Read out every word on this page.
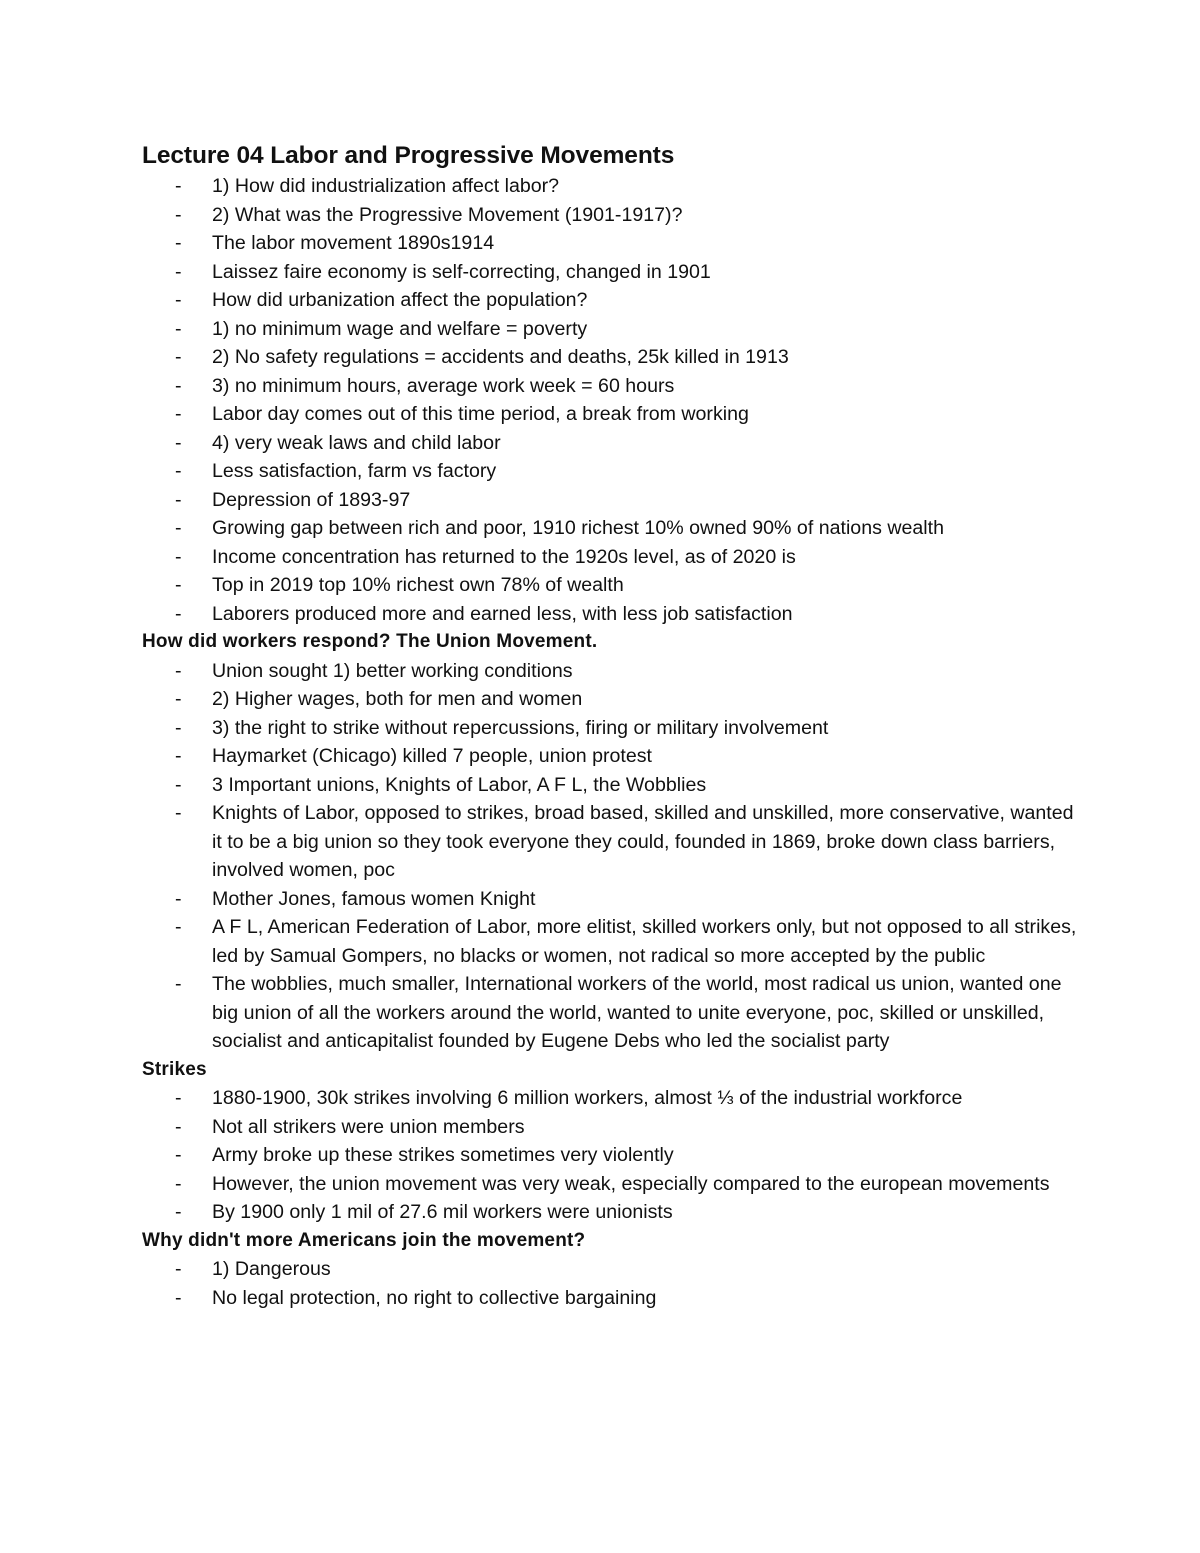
Lecture 04 Labor and Progressive Movements
- 1) How did industrialization affect labor?
- 2) What was the Progressive Movement (1901-1917)?
- The labor movement 1890s1914
- Laissez faire economy is self-correcting, changed in 1901
- How did urbanization affect the population?
- 1) no minimum wage and welfare = poverty
- 2) No safety regulations = accidents and deaths, 25k killed in 1913
- 3) no minimum hours, average work week = 60 hours
- Labor day comes out of this time period, a break from working
- 4) very weak laws and child labor
- Less satisfaction, farm vs factory
- Depression of 1893-97
- Growing gap between rich and poor, 1910 richest 10% owned 90% of nations wealth
- Income concentration has returned to the 1920s level, as of 2020 is
- Top in 2019 top 10% richest own 78% of wealth
- Laborers produced more and earned less, with less job satisfaction
How did workers respond? The Union Movement.
- Union sought 1) better working conditions
- 2) Higher wages, both for men and women
- 3) the right to strike without repercussions, firing or military involvement
- Haymarket (Chicago) killed 7 people, union protest
- 3 Important unions, Knights of Labor, A F L, the Wobblies
- Knights of Labor, opposed to strikes, broad based, skilled and unskilled, more conservative, wanted it to be a big union so they took everyone they could, founded in 1869, broke down class barriers, involved women, poc
- Mother Jones, famous women Knight
- A F L, American Federation of Labor, more elitist, skilled workers only, but not opposed to all strikes, led by Samual Gompers, no blacks or women, not radical so more accepted by the public
- The wobblies, much smaller, International workers of the world, most radical us union, wanted one big union of all the workers around the world, wanted to unite everyone, poc, skilled or unskilled, socialist and anticapitalist founded by Eugene Debs who led the socialist party
Strikes
- 1880-1900, 30k strikes involving 6 million workers, almost ⅓ of the industrial workforce
- Not all strikers were union members
- Army broke up these strikes sometimes very violently
- However, the union movement was very weak, especially compared to the european movements
- By 1900 only 1 mil of 27.6 mil workers were unionists
Why didn't more Americans join the movement?
- 1) Dangerous
- No legal protection, no right to collective bargaining
